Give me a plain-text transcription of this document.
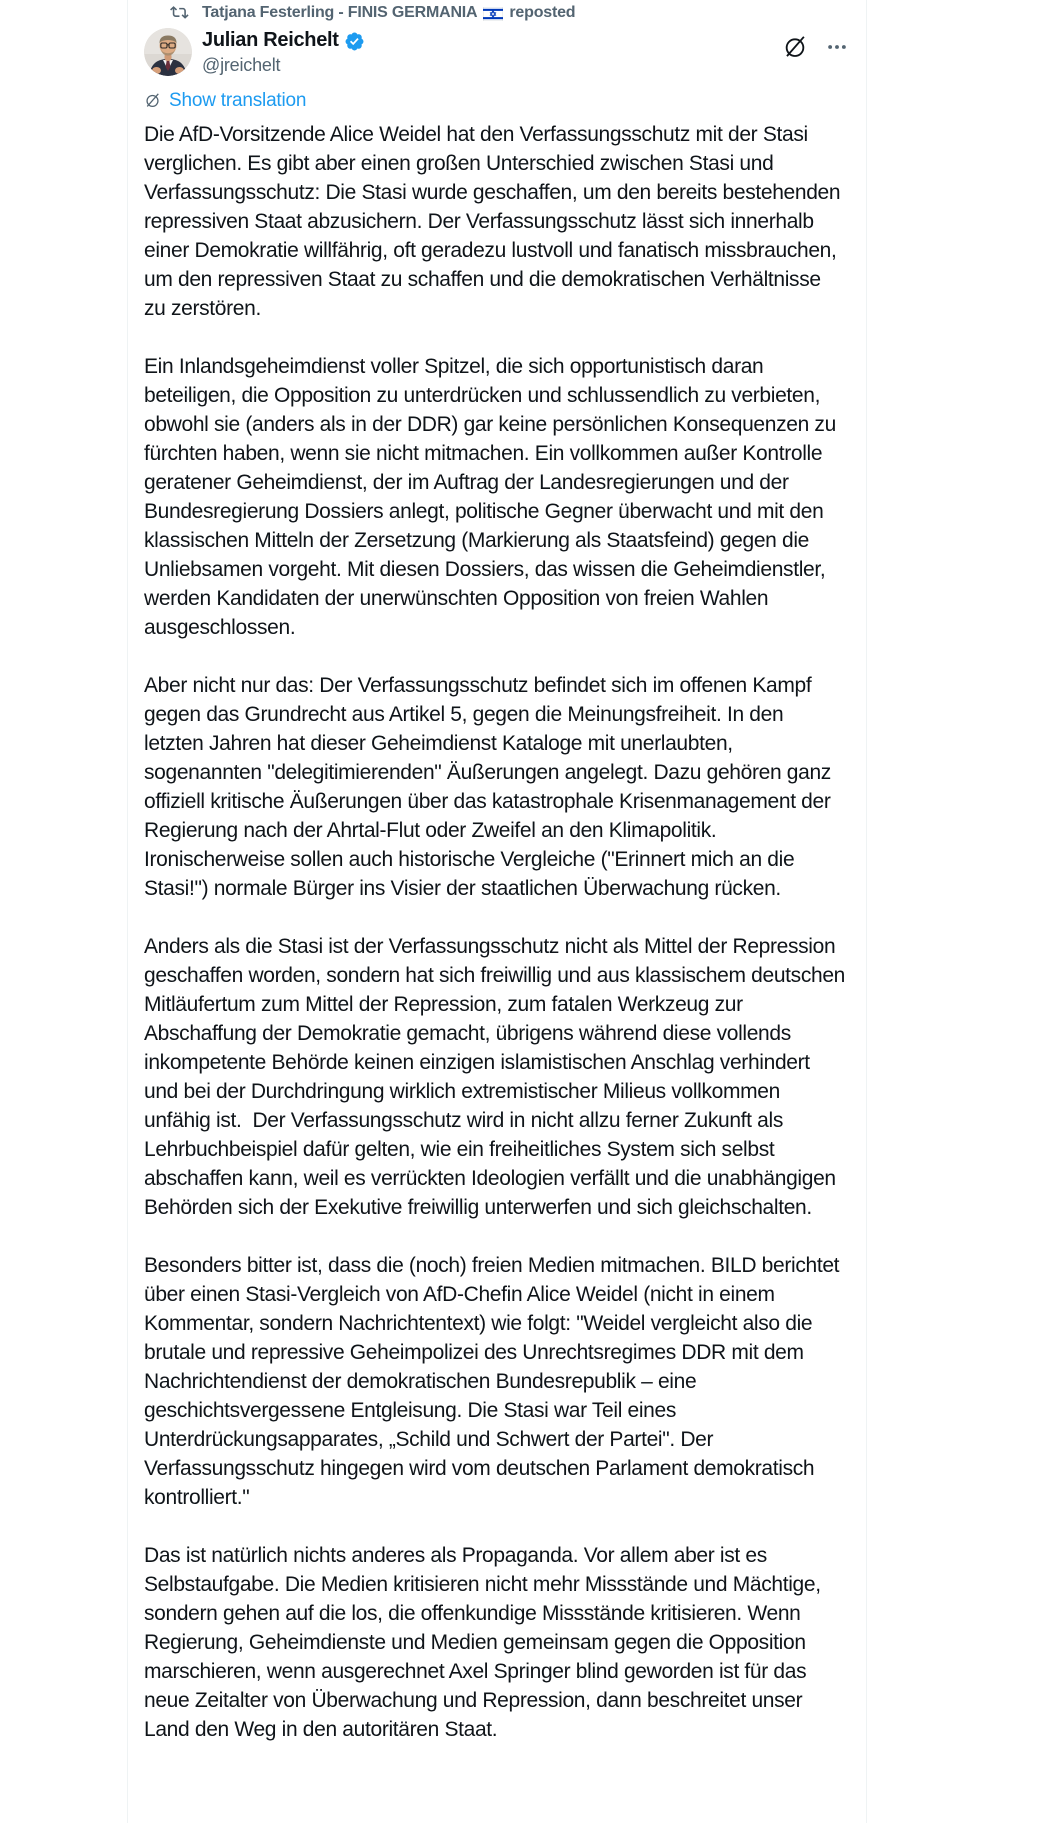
Tatjana Festerling - FINIS GERMANIA reposted
Julian Reichelt
@jreichelt
Show translation

Die AfD-Vorsitzende Alice Weidel hat den Verfassungsschutz mit der Stasi verglichen. Es gibt aber einen großen Unterschied zwischen Stasi und Verfassungsschutz: Die Stasi wurde geschaffen, um den bereits bestehenden repressiven Staat abzusichern. Der Verfassungsschutz lässt sich innerhalb einer Demokratie willfährig, oft geradezu lustvoll und fanatisch missbrauchen, um den repressiven Staat zu schaffen und die demokratischen Verhältnisse zu zerstören.

Ein Inlandsgeheimdienst voller Spitzel, die sich opportunistisch daran beteiligen, die Opposition zu unterdrücken und schlussendlich zu verbieten, obwohl sie (anders als in der DDR) gar keine persönlichen Konsequenzen zu fürchten haben, wenn sie nicht mitmachen. Ein vollkommen außer Kontrolle geratener Geheimdienst, der im Auftrag der Landesregierungen und der Bundesregierung Dossiers anlegt, politische Gegner überwacht und mit den klassischen Mitteln der Zersetzung (Markierung als Staatsfeind) gegen die Unliebsamen vorgeht. Mit diesen Dossiers, das wissen die Geheimdienstler, werden Kandidaten der unerwünschten Opposition von freien Wahlen ausgeschlossen.

Aber nicht nur das: Der Verfassungsschutz befindet sich im offenen Kampf gegen das Grundrecht aus Artikel 5, gegen die Meinungsfreiheit. In den letzten Jahren hat dieser Geheimdienst Kataloge mit unerlaubten, sogenannten "delegitimierenden" Äußerungen angelegt. Dazu gehören ganz offiziell kritische Äußerungen über das katastrophale Krisenmanagement der Regierung nach der Ahrtal-Flut oder Zweifel an den Klimapolitik. Ironischerweise sollen auch historische Vergleiche ("Erinnert mich an die Stasi!") normale Bürger ins Visier der staatlichen Überwachung rücken.

Anders als die Stasi ist der Verfassungsschutz nicht als Mittel der Repression geschaffen worden, sondern hat sich freiwillig und aus klassischem deutschen Mitläufertum zum Mittel der Repression, zum fatalen Werkzeug zur Abschaffung der Demokratie gemacht, übrigens während diese vollends inkompetente Behörde keinen einzigen islamistischen Anschlag verhindert und bei der Durchdringung wirklich extremistischer Milieus vollkommen unfähig ist.  Der Verfassungsschutz wird in nicht allzu ferner Zukunft als Lehrbuchbeispiel dafür gelten, wie ein freiheitliches System sich selbst abschaffen kann, weil es verrückten Ideologien verfällt und die unabhängigen Behörden sich der Exekutive freiwillig unterwerfen und sich gleichschalten.

Besonders bitter ist, dass die (noch) freien Medien mitmachen. BILD berichtet über einen Stasi-Vergleich von AfD-Chefin Alice Weidel (nicht in einem Kommentar, sondern Nachrichtentext) wie folgt: "Weidel vergleicht also die brutale und repressive Geheimpolizei des Unrechtsregimes DDR mit dem Nachrichtendienst der demokratischen Bundesrepublik – eine geschichtsvergessene Entgleisung. Die Stasi war Teil eines Unterdrückungsapparates, „Schild und Schwert der Partei". Der Verfassungsschutz hingegen wird vom deutschen Parlament demokratisch kontrolliert."

Das ist natürlich nichts anderes als Propaganda. Vor allem aber ist es Selbstaufgabe. Die Medien kritisieren nicht mehr Missstände und Mächtige, sondern gehen auf die los, die offenkundige Missstände kritisieren. Wenn Regierung, Geheimdienste und Medien gemeinsam gegen die Opposition marschieren, wenn ausgerechnet Axel Springer blind geworden ist für das neue Zeitalter von Überwachung und Repression, dann beschreitet unser Land den Weg in den autoritären Staat.
